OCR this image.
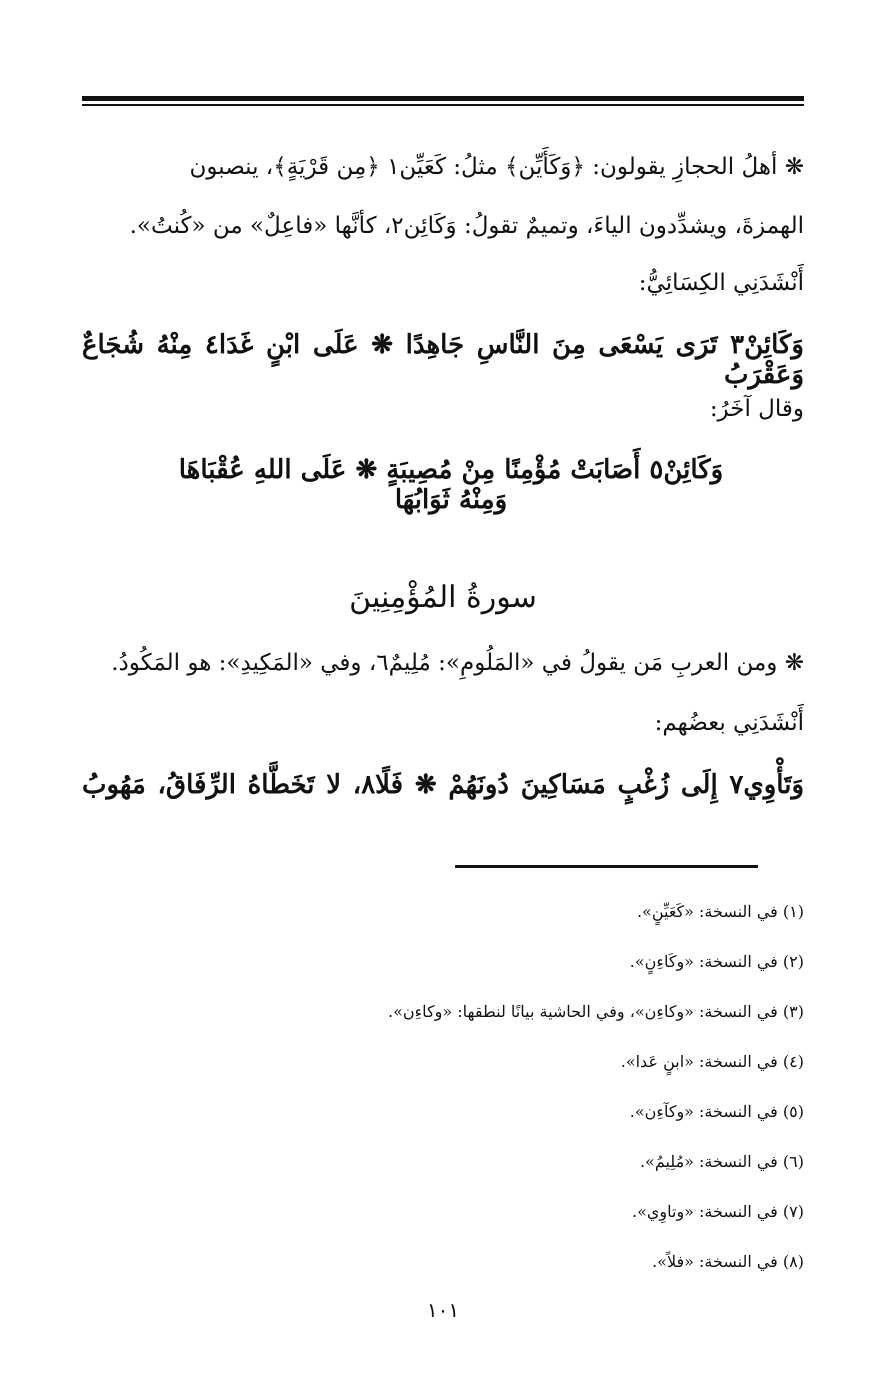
❋ أهلُ الحجازِ يقولون: ﴿وَكَأَيِّن﴾ مثلُ: كَعَيِّن١ ﴿مِن قَرْيَةٍ﴾، ينصبون
الهمزةَ، ويشدِّدون الياءَ، وتميمٌ تقولُ: وَكَائِن٢، كأنَّها «فاعِلٌ» من «كُنتُ».
أَنْشَدَنِي الكِسَائِيُّ:
وَكَائِنْ٣ تَرَى يَسْعَى مِنَ النَّاسِ جَاهِدًا ❋ عَلَى ابْنٍ غَدَا٤ مِنْهُ شُجَاعٌ وَعَقْرَبُ
وقال آخَرُ:
وَكَائِنْ٥ أَصَابَتْ مُؤْمِنًا مِنْ مُصِيبَةٍ ❋ عَلَى اللهِ عُقْبَاهَا وَمِنْهُ ثَوَابُهَا
سورةُ المُؤْمِنِينَ
❋ ومن العربِ مَن يقولُ في «المَلُومِ»: مُلِيمٌ٦، وفي «المَكِيدِ»: هو المَكُودُ.
أَنْشَدَنِي بعضُهم:
وَتَأْوِي٧ إِلَى زُغْبٍ مَسَاكِينَ دُونَهُمْ ❋ فَلًا٨، لا تَخَطَّاهُ الرِّفَاقُ، مَهُوبُ
(١) في النسخة: «كَعَيِّنٍ».
(٢) في النسخة: «وكَاءِنٍ».
(٣) في النسخة: «وكاءِن»، وفي الحاشية بيانًا لنطقها: «وكاءِن».
(٤) في النسخة: «ابنٍ عَدا».
(٥) في النسخة: «وكآءِن».
(٦) في النسخة: «مُلِيمُ».
(٧) في النسخة: «وتاوِي».
(٨) في النسخة: «فلاً».
١٠١
